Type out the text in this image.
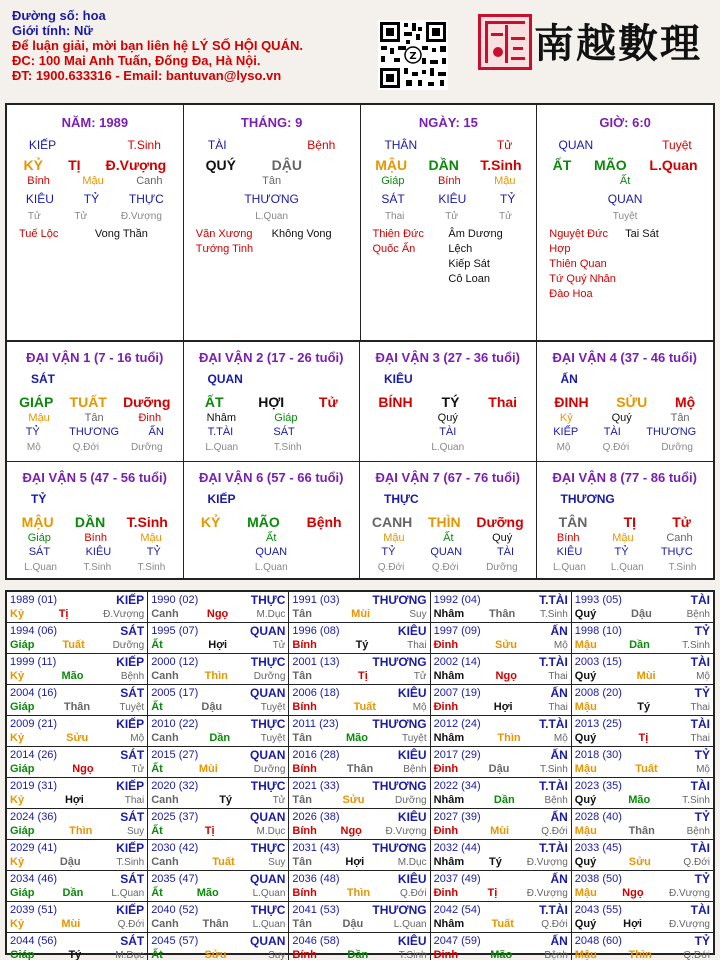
Đường số: hoa
Giới tính: Nữ
Để luận giải, mời bạn liên hệ LÝ SỐ HỘI QUÁN.
ĐC: 100 Mai Anh Tuấn, Đống Đa, Hà Nội.
ĐT: 1900.633316 - Email: bantuvan@lyso.vn
Z	南越數理
NĂM: 1989
KIẾP	T.Sinh
KỶ TỊ Đ.Vượng
Bính	Mậu	Canh
KIÊU TỶ THỰC
Tử	Tử	Đ.Vượng
Tuế Lộc	Vong Thần
THÁNG: 9
TÀI	Bệnh
QUÝ	DẬU
Tân
THƯƠNG
L.Quan
Văn Xương
Tướng Tinh
Không Vong
NGÀY: 15
THÂN	Tử
MẬU DẦN T.Sinh
Giáp	Bính	Mậu
SÁT	KIÊU	TỶ
Thai	Tử	Tử
Thiên Đức
Quốc Ấn
Âm Dương Lệch
Kiếp Sát
Cô Loan
GIỜ: 6:0
QUAN	Tuyệt
ẤT MÃO L.Quan
Ất
QUAN
Tuyệt
Nguyệt Đức Hợp
Thiên Quan
Tứ Quý Nhân
Đào Hoa
Tai Sát
ĐẠI VẬN 1 (7 - 16 tuổi)
SÁT
GIÁP TUẤT Dưỡng
Mậu	Tân	Đinh
TỶ	THƯƠNG	ẤN
Mộ	Q.Đới	Dưỡng
ĐẠI VẬN 2 (17 - 26 tuổi)
QUAN
ẤT HỢI Tử
Nhâm	Giáp
T.TÀI	SÁT
L.Quan	T.Sinh
ĐẠI VẬN 3 (27 - 36 tuổi)
KIÊU
BÍNH TÝ Thai
Quý
TÀI
L.Quan
ĐẠI VẬN 4 (37 - 46 tuổi)
ẤN
ĐINH SỬU Mộ
Kỷ	Quý	Tân
KIẾP TÀI THƯƠNG
Mộ	Q.Đới	Dưỡng
ĐẠI VẬN 5 (47 - 56 tuổi)
TỶ
MẬU DẦN T.Sinh
Giáp	Bính	Mậu
SÁT	KIÊU	TỶ
L.Quan	T.Sinh	T.Sinh
ĐẠI VẬN 6 (57 - 66 tuổi)
KIẾP
KỶ MÃO Bệnh
Ất
QUAN
L.Quan
ĐẠI VẬN 7 (67 - 76 tuổi)
THỰC
CANH THÌN Dưỡng
Mậu	Ất	Quý
TỶ	QUAN	TÀI
Q.Đới	Q.Đới	Dưỡng
ĐẠI VẬN 8 (77 - 86 tuổi)
THƯƠNG
TÂN	TỊ	Tử
Bính	Mậu	Canh
KIÊU	TỶ	THỰC
L.Quan	L.Quan	T.Sinh
1989 (01)	KIẾP
Kỷ	Tị	Đ.Vượng
1990 (02)	THỰC
Canh	Ngọ	M.Dục
1991 (03)	THƯƠNG
Tân	Mùi	Suy
1992 (04)	T.TÀI
Nhâm Thân T.Sinh
1993 (05)	TÀI
Quý	Dậu	Bệnh
1994 (06)	SÁT
Giáp	Tuất	Dưỡng
1995 (07)	QUAN
Ất	Hợi	Tử
1996 (08)	KIÊU
Bính	Tý	Thai
1997 (09)	ẤN
Đinh	Sửu	Mộ
1998 (10)	TỶ
Mậu	Dần	T.Sinh
1999 (11)	KIẾP
Kỷ	Mão	Bệnh
2000 (12)	THỰC
Canh Thìn	Dưỡng
2001 (13)	THƯƠNG
Tân	Tị	Tử
2002 (14)	T.TÀI
Nhâm	Ngọ	Thai
2003 (15)	TÀI
Quý	Mùi	Mộ
2004 (16)	SÁT
Giáp	Thân	Tuyệt
2005 (17)	QUAN
Ất	Dậu	Tuyệt
2006 (18)	KIÊU
Bính	Tuất	Mộ
2007 (19)	ẤN
Đinh	Hợi	Thai
2008 (20)	TỶ
Mậu	Tý	Thai
2009 (21)	KIẾP
Kỷ	Sửu	Mộ
2010 (22)	THỰC
Canh	Dần	Tuyệt
2011 (23)	THƯƠNG
Tân	Mão	Tuyệt
2012 (24)	T.TÀI
Nhâm	Thìn	Mộ
2013 (25)	TÀI
Quý	Tị	Thai
2014 (26)	SÁT
Giáp	Ngọ	Tử
2015 (27)	QUAN
Ất	Mùi	Dưỡng
2016 (28)	KIÊU
Bính	Thân	Bệnh
2017 (29)	ẤN
Đinh	Dậu	T.Sinh
2018 (30)	TỶ
Mậu	Tuất	Mộ
2019 (31)	KIẾP
Kỷ	Hợi	Thai
2020 (32)	THỰC
Canh	Tý	Tử
2021 (33)	THƯƠNG
Tân	Sửu	Dưỡng
2022 (34)	T.TÀI
Nhâm	Dần	Bệnh
2023 (35)	TÀI
Quý	Mão	T.Sinh
2024 (36)	SÁT
Giáp	Thìn	Suy
2025 (37)	QUAN
Ất	Tị	M.Dục
2026 (38)	KIÊU
Bính Ngọ Đ.Vượng
2027 (39)	ẤN
Đinh	Mùi	Q.Đới
2028 (40)	TỶ
Mậu	Thân	Bệnh
2029 (41)	KIẾP
Kỷ	Dậu	T.Sinh
2030 (42)	THỰC
Canh	Tuất	Suy
2031 (43)	THƯƠNG
Tân	Hợi	M.Dục
2032 (44)	T.TÀI
Nhâm Tý Đ.Vượng
2033 (45)	TÀI
Quý	Sửu	Q.Đới
2034 (46)	SÁT
Giáp	Dần	L.Quan
2035 (47)	QUAN
Ất	Mão	L.Quan
2036 (48)	KIÊU
Bính	Thìn	Q.Đới
2037 (49)	ẤN
Đinh	Tị	Đ.Vượng
2038 (50)	TỶ
Mậu Ngọ	Đ.Vượng
2039 (51)	KIẾP
Kỷ	Mùi	Q.Đới
2040 (52)	THỰC
Canh Thân L.Quan
2041 (53)	THƯƠNG
Tân	Dậu	L.Quan
2042 (54)	T.TÀI
Nhâm Tuất	Q.Đới
2043 (55)	TÀI
Quý Hợi	Đ.Vượng
2044 (56)	SÁT
Giáp	Tý	M.Dục
2045 (57)	QUAN
Ất	Sửu	Suy
2046 (58)	KIÊU
Bính	Dần	T.Sinh
2047 (59)	ẤN
Đinh	Mão	Bệnh
2048 (60)	TỶ
Mậu	Thìn	Q.Đới
